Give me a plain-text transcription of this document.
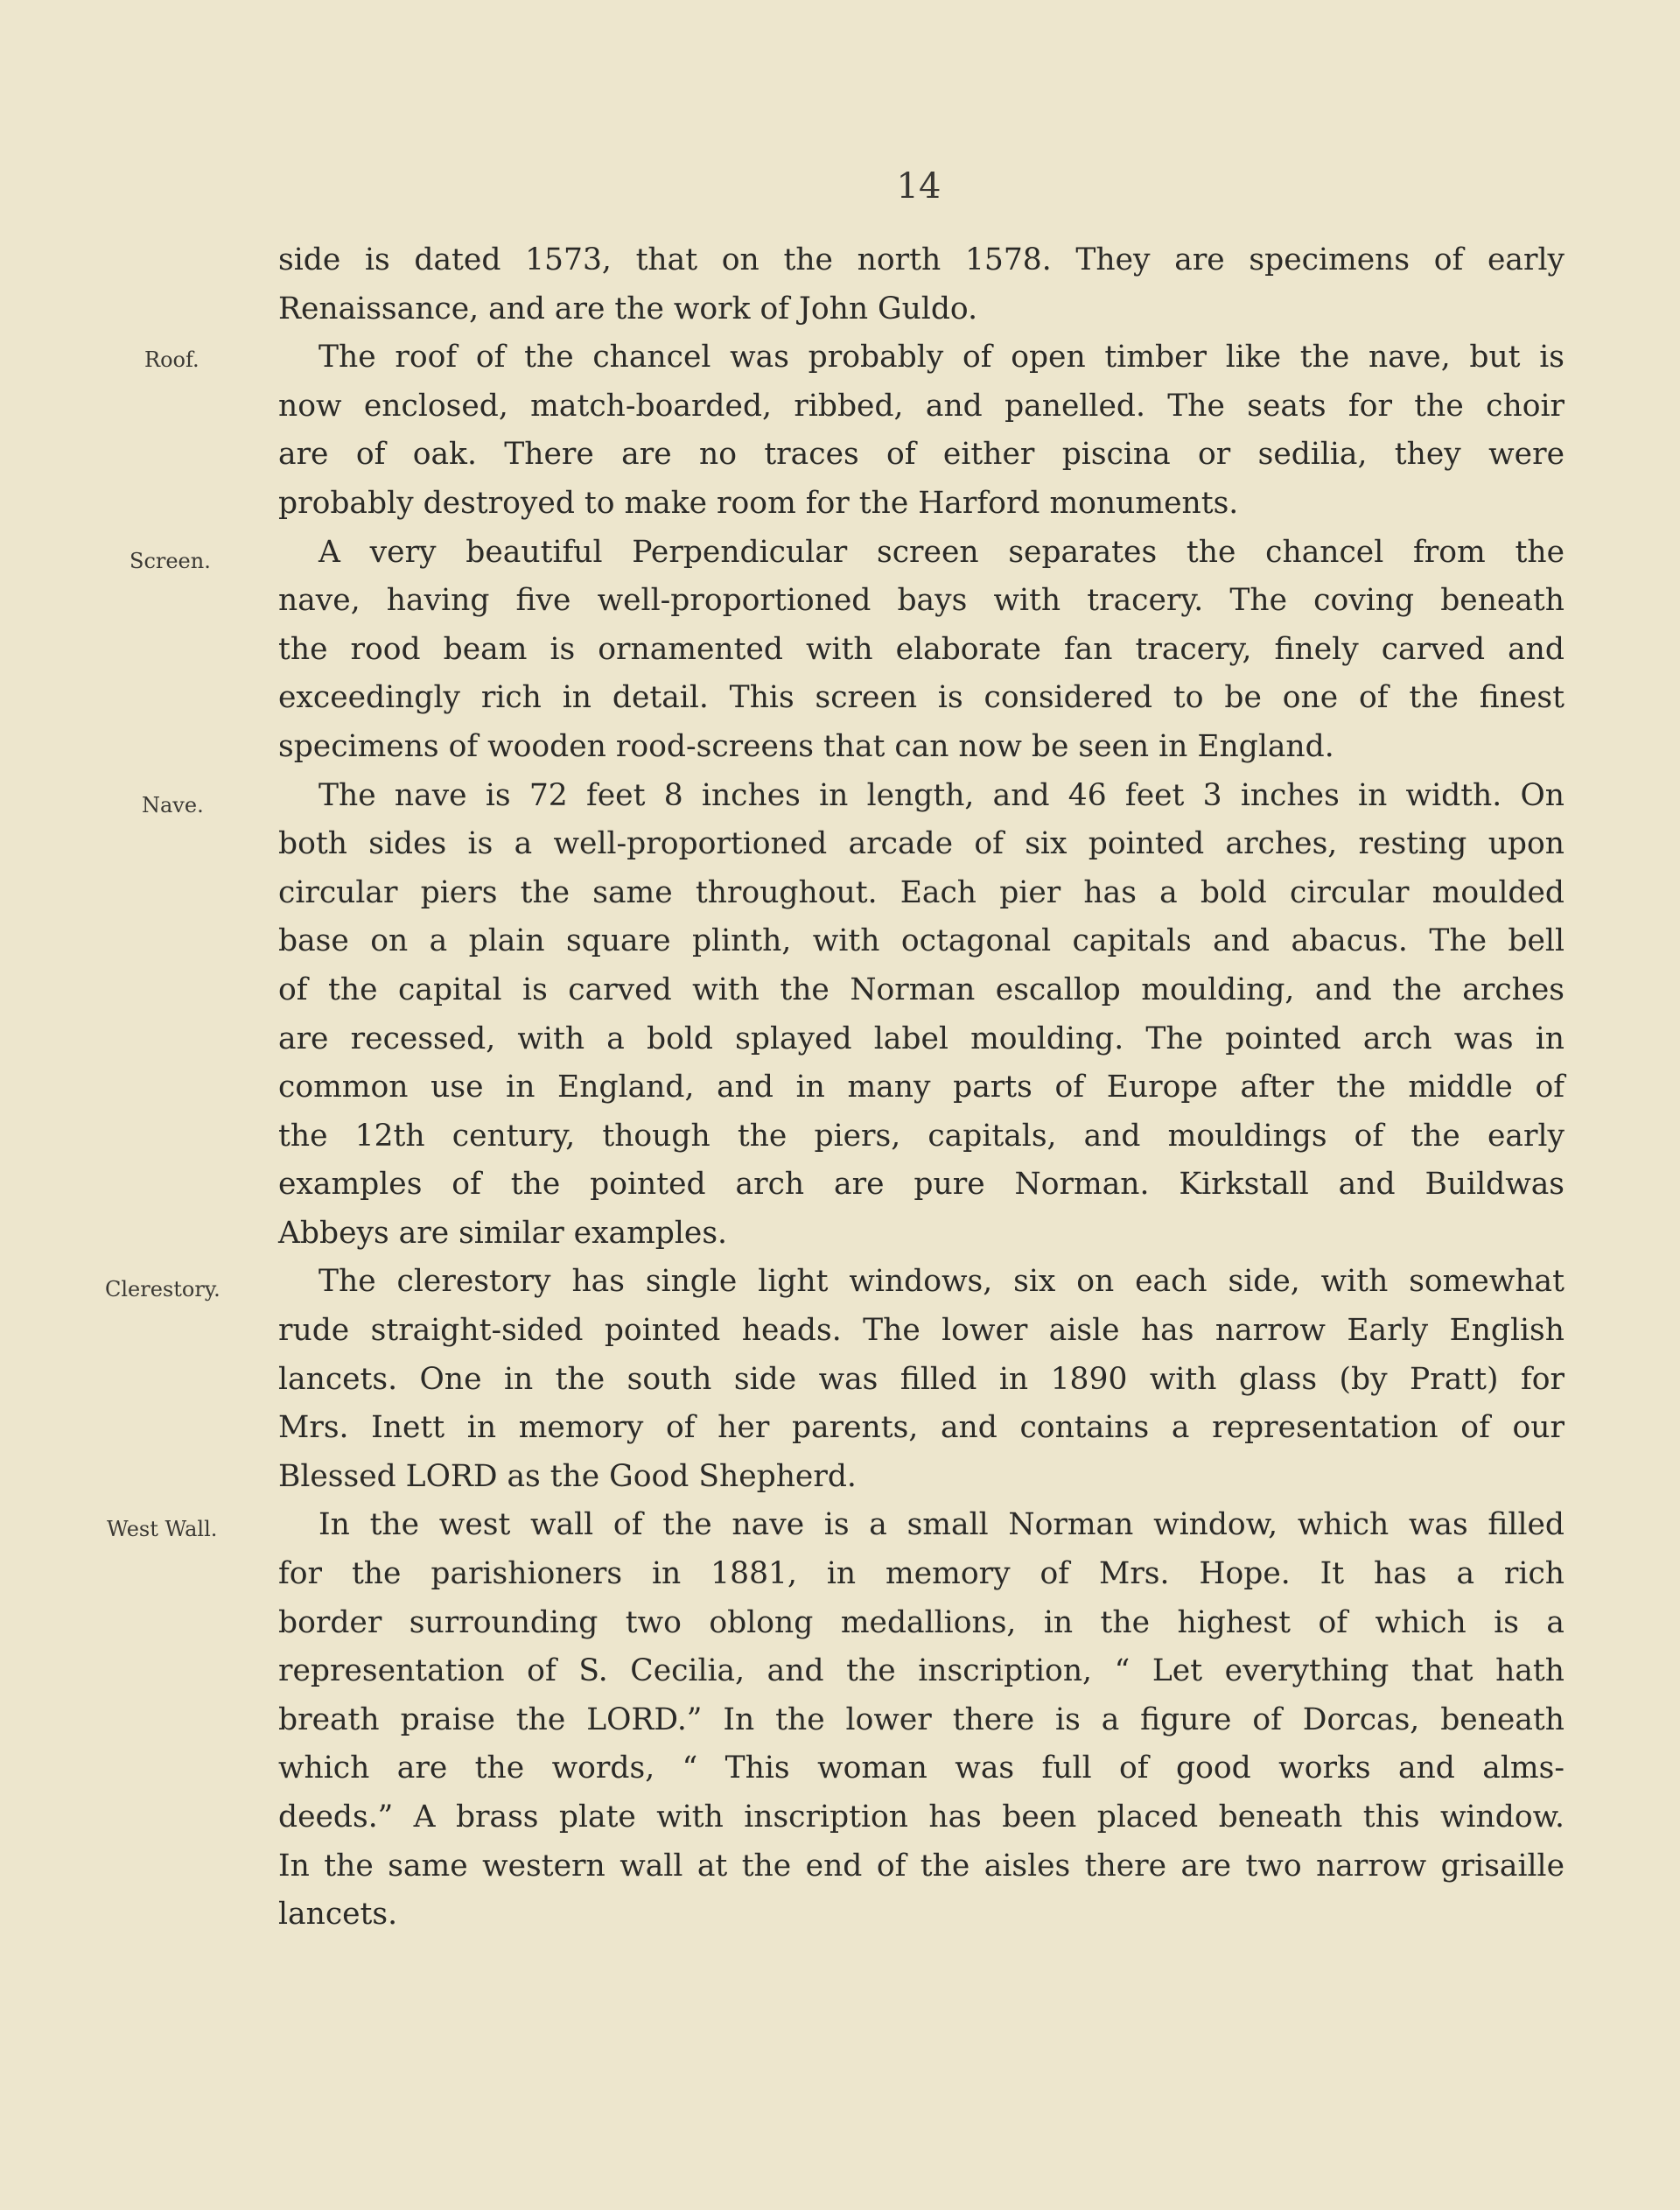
14
Roof.
Screen.
Nave.
Clerestory.
West Wall.
side is dated 1573, that on the north 1578. They are specimens of early
Renaissance, and are the work of John Guldo.
The roof of the chancel was probably of open timber like the nave, but is
now enclosed, match-boarded, ribbed, and panelled. The seats for the choir
are of oak. There are no traces of either piscina or sedilia, they were
probably destroyed to make room for the Harford monuments.
A very beautiful Perpendicular screen separates the chancel from the
nave, having five well-proportioned bays with tracery. The coving beneath
the rood beam is ornamented with elaborate fan tracery, finely carved and
exceedingly rich in detail. This screen is considered to be one of the finest
specimens of wooden rood-screens that can now be seen in England.
The nave is 72 feet 8 inches in length, and 46 feet 3 inches in width. On
both sides is a well-proportioned arcade of six pointed arches, resting upon
circular piers the same throughout. Each pier has a bold circular moulded
base on a plain square plinth, with octagonal capitals and abacus. The bell
of the capital is carved with the Norman escallop moulding, and the arches
are recessed, with a bold splayed label moulding. The pointed arch was in
common use in England, and in many parts of Europe after the middle of
the 12th century, though the piers, capitals, and mouldings of the early
examples of the pointed arch are pure Norman. Kirkstall and Buildwas
Abbeys are similar examples.
The clerestory has single light windows, six on each side, with somewhat
rude straight-sided pointed heads. The lower aisle has narrow Early English
lancets. One in the south side was filled in 1890 with glass (by Pratt) for
Mrs. Inett in memory of her parents, and contains a representation of our
Blessed LORD as the Good Shepherd.
In the west wall of the nave is a small Norman window, which was filled
for the parishioners in 1881, in memory of Mrs. Hope. It has a rich
border surrounding two oblong medallions, in the highest of which is a
representation of S. Cecilia, and the inscription, “ Let everything that hath
breath praise the LORD.” In the lower there is a figure of Dorcas, beneath
which are the words, “ This woman was full of good works and alms-
deeds.” A brass plate with inscription has been placed beneath this window.
In the same western wall at the end of the aisles there are two narrow grisaille
lancets.
